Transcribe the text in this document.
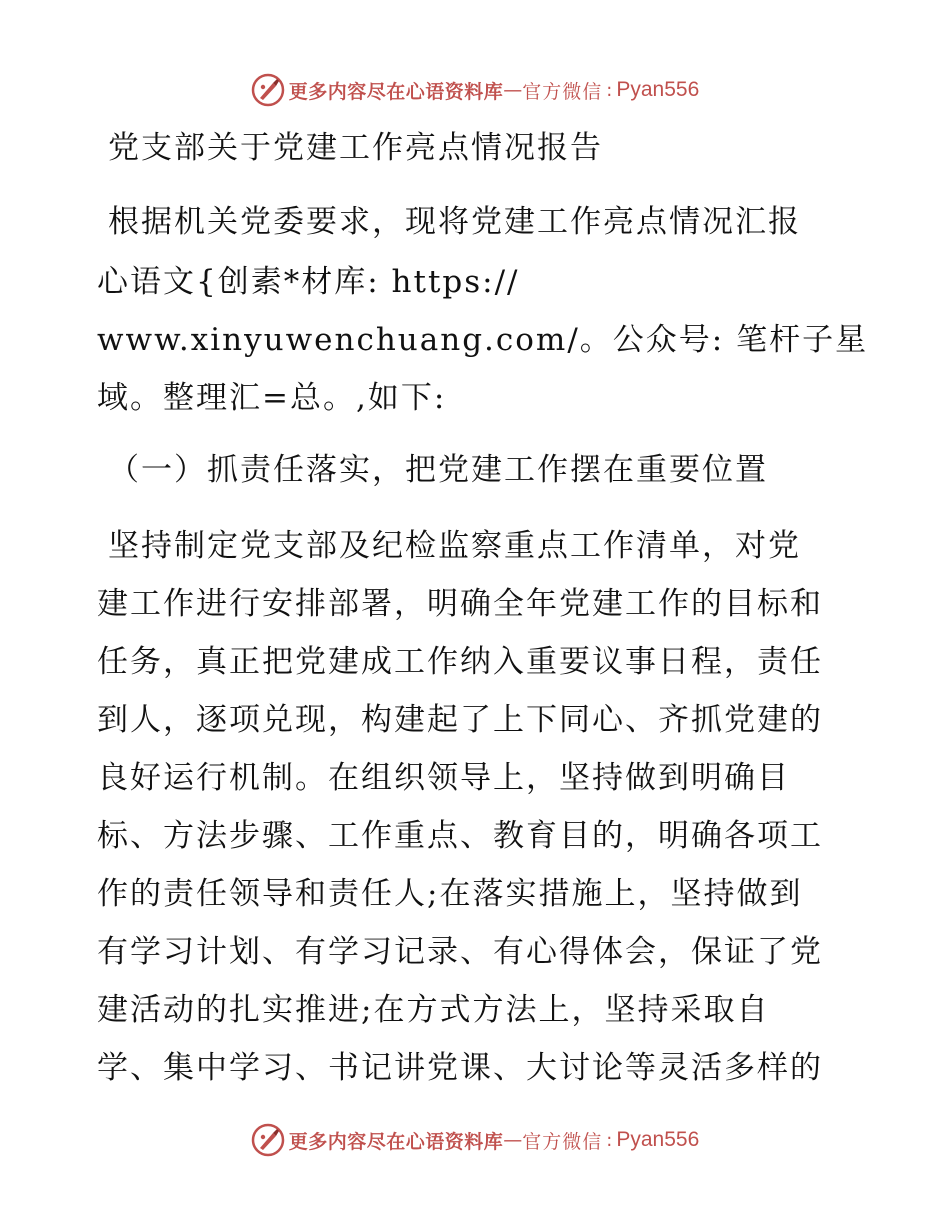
更多内容尽在心语资料库 — 官方微信 : Pyan556
党支部关于党建工作亮点情况报告
根据机关党委要求，现将党建工作亮点情况汇报
心语文{创素*材库: https://
www.xinyuwenchuang.com/。公众号: 笔杆子星
域。整理汇=总。,如下:
（一）抓责任落实，把党建工作摆在重要位置
坚持制定党支部及纪检监察重点工作清单，对党
建工作进行安排部署，明确全年党建工作的目标和
任务，真正把党建成工作纳入重要议事日程，责任
到人，逐项兑现，构建起了上下同心、齐抓党建的
良好运行机制。在组织领导上，坚持做到明确目
标、方法步骤、工作重点、教育目的，明确各项工
作的责任领导和责任人;在落实措施上，坚持做到
有学习计划、有学习记录、有心得体会，保证了党
建活动的扎实推进;在方式方法上，坚持采取自
学、集中学习、书记讲党课、大讨论等灵活多样的
更多内容尽在心语资料库 — 官方微信 : Pyan556
